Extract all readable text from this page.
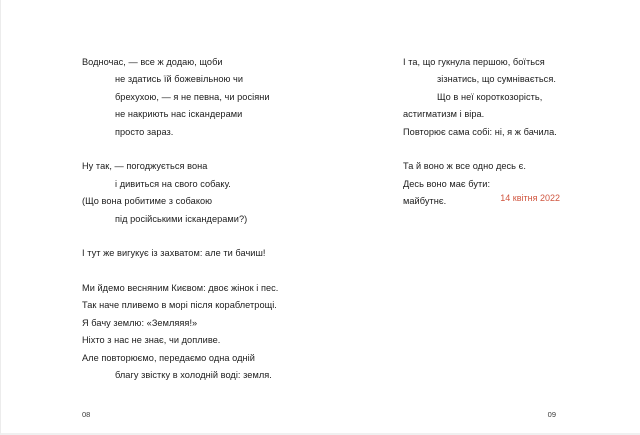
Водночас, — все ж додаю, щоби
не здатись їй божевільною чи
брехухою, — я не певна, чи росіяни
не накриють нас іскандерами
просто зараз.
Ну так, — погоджується вона
і дивиться на свого собаку.
(Що вона робитиме з собакою
під російськими іскандерами?)
І тут же вигукує із захватом: але ти бачиш!
Ми йдемо весняним Києвом: двоє жінок і пес.
Так наче пливемо в морі після кораблетрощі.
Я бачу землю: «Земляяя!»
Ніхто з нас не знає, чи допливе.
Але повторюємо, передаємо одна одній
благу звістку в холодній воді: земля.
08
І та, що гукнула першою, боїться
зізнатись, що сумнівається.
Що в неї короткозорість,
астигматизм і віра.
Повторює сама собі: ні, я ж бачила.
Та й воно ж все одно десь є.
Десь воно має бути:
майбутнє.	14 квітня 2022
09
